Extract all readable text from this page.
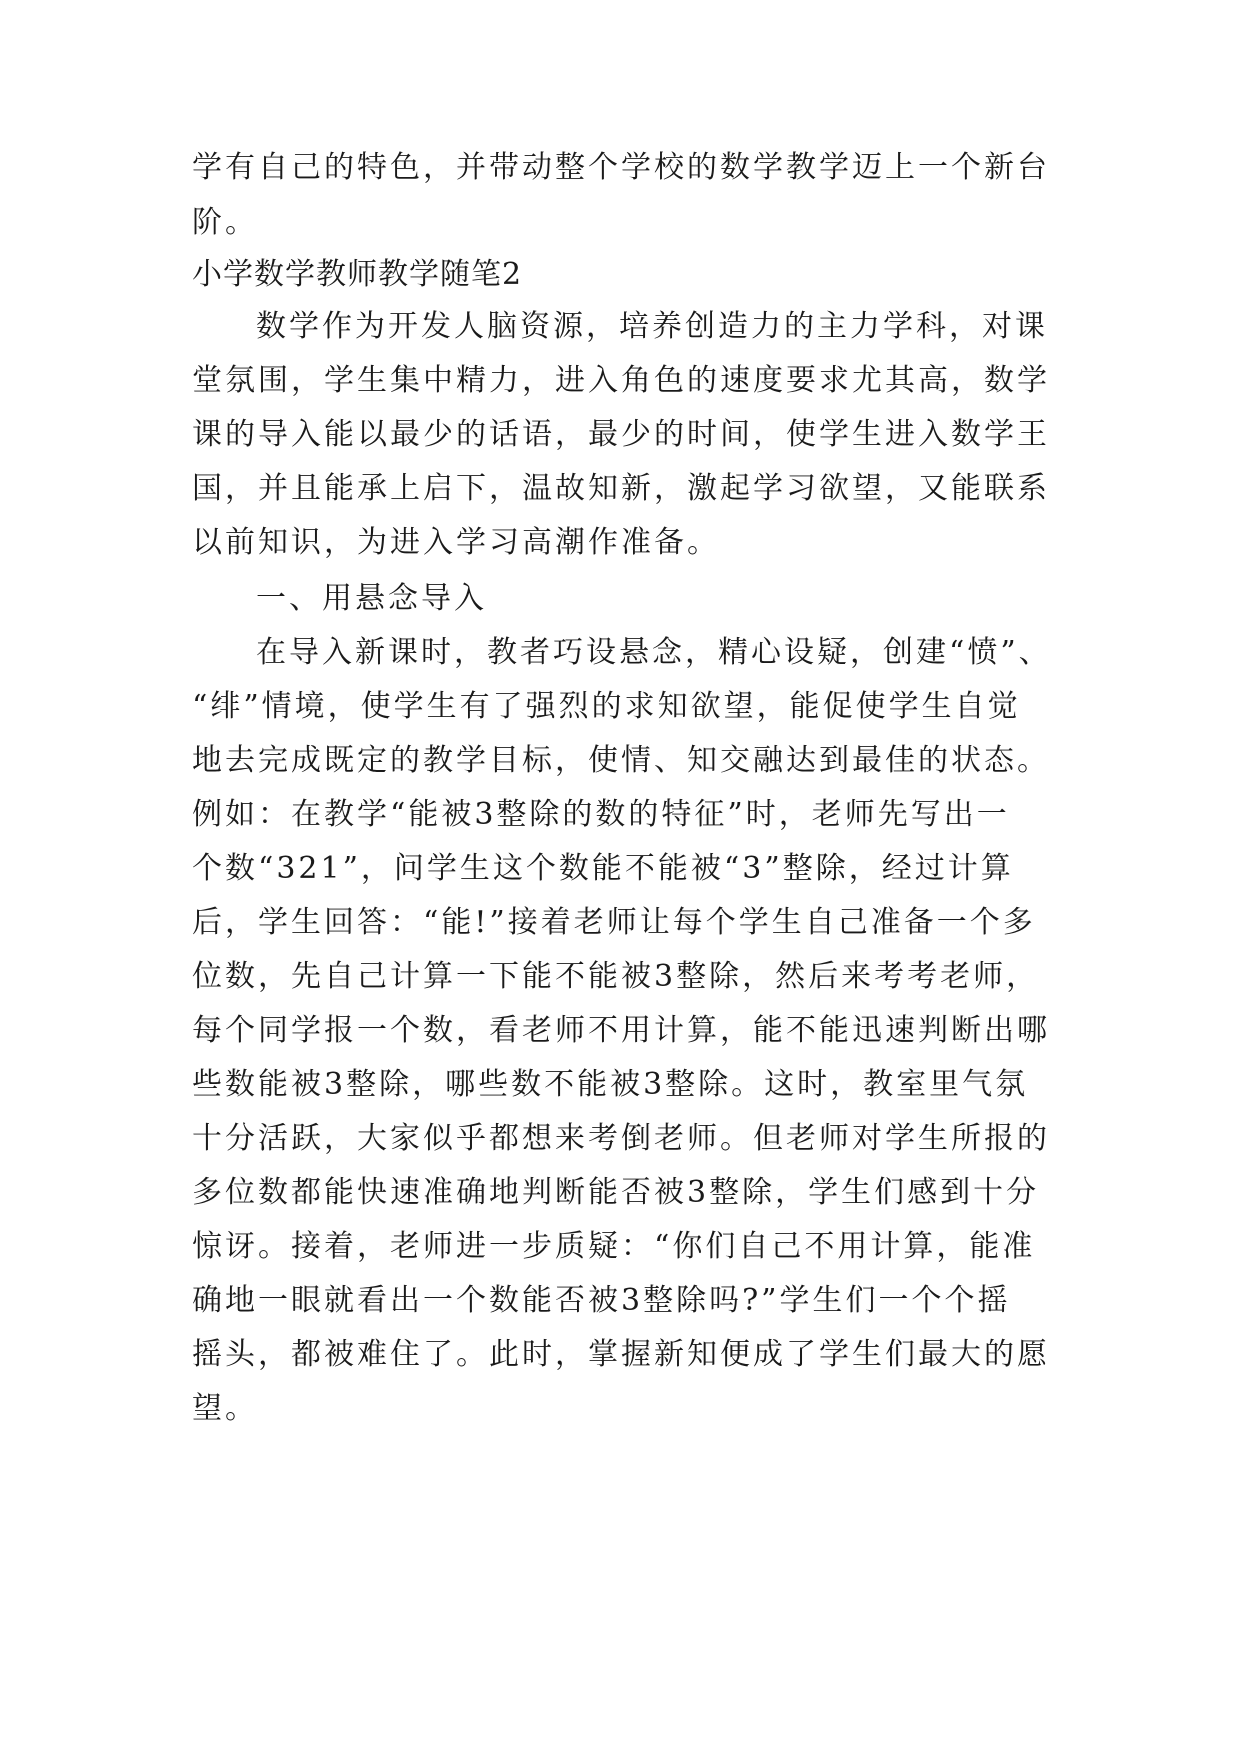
学有自己的特色，并带动整个学校的数学教学迈上一个新台
阶。
小学数学教师教学随笔2
数学作为开发人脑资源，培养创造力的主力学科，对课
堂氛围，学生集中精力，进入角色的速度要求尤其高，数学
课的导入能以最少的话语，最少的时间，使学生进入数学王
国，并且能承上启下，温故知新，激起学习欲望，又能联系
以前知识，为进入学习高潮作准备。
一、用悬念导入
在导入新课时，教者巧设悬念，精心设疑，创建“愤”、
“绯”情境，使学生有了强烈的求知欲望，能促使学生自觉
地去完成既定的教学目标，使情、知交融达到最佳的状态。
例如：在教学“能被3整除的数的特征”时，老师先写出一
个数“321”，问学生这个数能不能被“3”整除，经过计算
后，学生回答：“能!”接着老师让每个学生自己准备一个多
位数，先自己计算一下能不能被3整除，然后来考考老师，
每个同学报一个数，看老师不用计算，能不能迅速判断出哪
些数能被3整除，哪些数不能被3整除。这时，教室里气氛
十分活跃，大家似乎都想来考倒老师。但老师对学生所报的
多位数都能快速准确地判断能否被3整除，学生们感到十分
惊讶。接着，老师进一步质疑：“你们自己不用计算，能准
确地一眼就看出一个数能否被3整除吗?”学生们一个个摇
摇头，都被难住了。此时，掌握新知便成了学生们最大的愿
望。
